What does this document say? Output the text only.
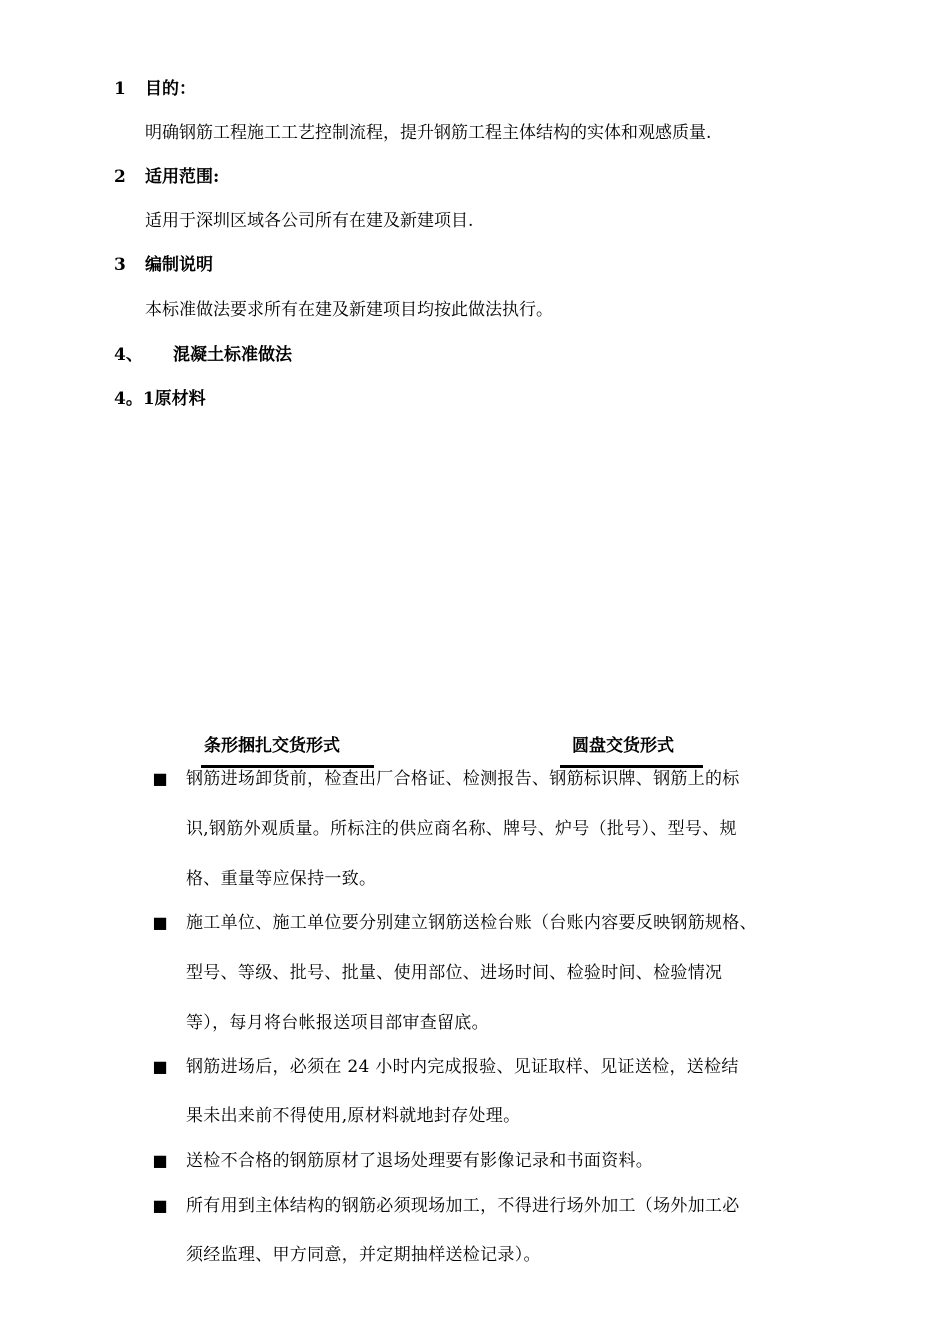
1 目的：
明确钢筋工程施工工艺控制流程，提升钢筋工程主体结构的实体和观感质量.
2 适用范围:
适用于深圳区域各公司所有在建及新建项目.
3 编制说明
本标准做法要求所有在建及新建项目均按此做法执行。
4、 混凝土标准做法
4。1原材料
条形捆扎交货形式	圆盘交货形式
■ 钢筋进场卸货前，检查出厂合格证、检测报告、钢筋标识牌、钢筋上的标
识,钢筋外观质量。所标注的供应商名称、牌号、炉号（批号）、型号、规
格、重量等应保持一致。
■ 施工单位、施工单位要分别建立钢筋送检台账（台账内容要反映钢筋规格、
型号、等级、批号、批量、使用部位、进场时间、检验时间、检验情况
等），每月将台帐报送项目部审查留底。
■ 钢筋进场后，必须在 24 小时内完成报验、见证取样、见证送检，送检结
果未出来前不得使用,原材料就地封存处理。
■ 送检不合格的钢筋原材了退场处理要有影像记录和书面资料。
■ 所有用到主体结构的钢筋必须现场加工，不得进行场外加工（场外加工必
须经监理、甲方同意，并定期抽样送检记录）。
